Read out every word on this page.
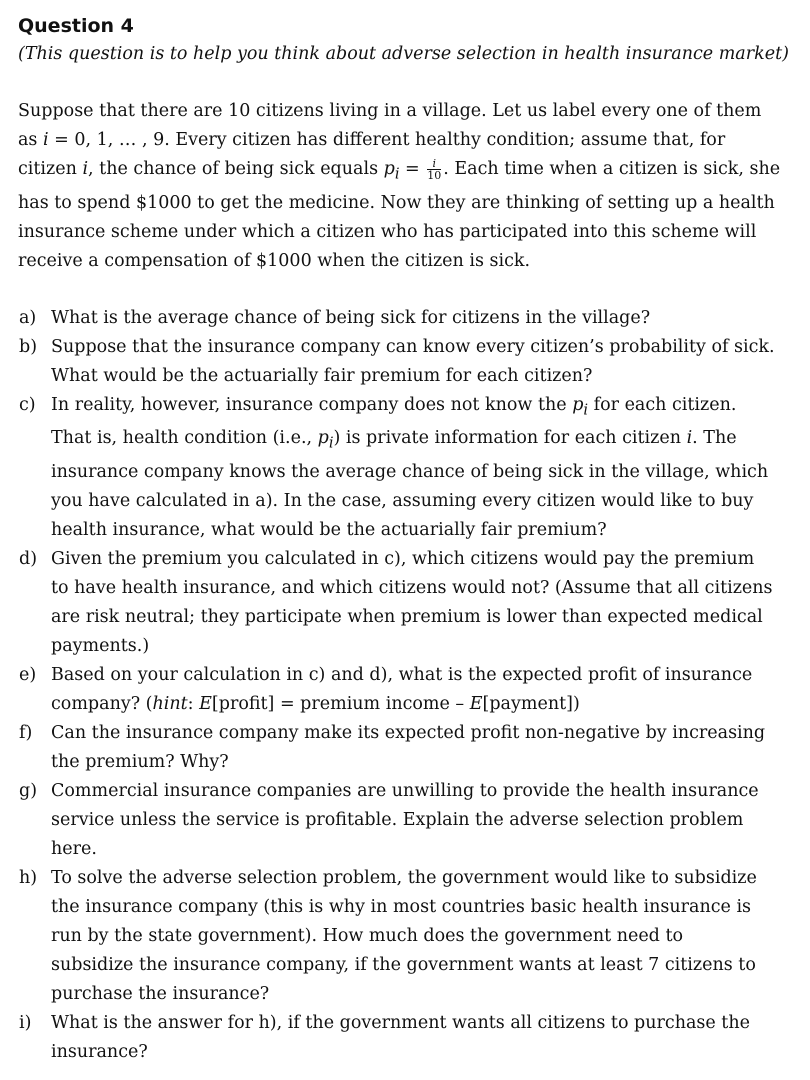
Question 4

(This question is to help you think about adverse selection in health insurance market)

Suppose that there are 10 citizens living in a village. Let us label every one of them
as i = 0, 1, … , 9. Every citizen has different healthy condition; assume that, for
citizen i, the chance of being sick equals $p_i = \frac{i}{10}$ . Each time when a citizen is sick, she
has to spend $1000 to get the medicine. Now they are thinking of setting up a health
insurance scheme under which a citizen who has participated into this scheme will
receive a compensation of $1000 when the citizen is sick.
a) What is the average chance of being sick for citizens in the village?
b) Suppose that the insurance company can know every citizen’s probability of sick.
What would be the actuarially fair premium for each citizen?
c) In reality, however, insurance company does not know the $p_i$ for each citizen.
That is, health condition (i.e., $p_i$) is private information for each citizen i. The
insurance company knows the average chance of being sick in the village, which
you have calculated in a). In the case, assuming every citizen would like to buy
health insurance, what would be the actuarially fair premium?
d) Given the premium you calculated in c), which citizens would pay the premium
to have health insurance, and which citizens would not? (Assume that all citizens
are risk neutral; they participate when premium is lower than expected medical
payments.)
e) Based on your calculation in c) and d), what is the expected profit of insurance
company? (hint: E[profit] = premium income – E[payment])
f) Can the insurance company make its expected profit non-negative by increasing
the premium? Why?
g) Commercial insurance companies are unwilling to provide the health insurance
service unless the service is profitable. Explain the adverse selection problem
here.
h) To solve the adverse selection problem, the government would like to subsidize
the insurance company (this is why in most countries basic health insurance is
run by the state government). How much does the government need to
subsidize the insurance company, if the government wants at least 7 citizens to
purchase the insurance?
i) What is the answer for h), if the government wants all citizens to purchase the
insurance?
